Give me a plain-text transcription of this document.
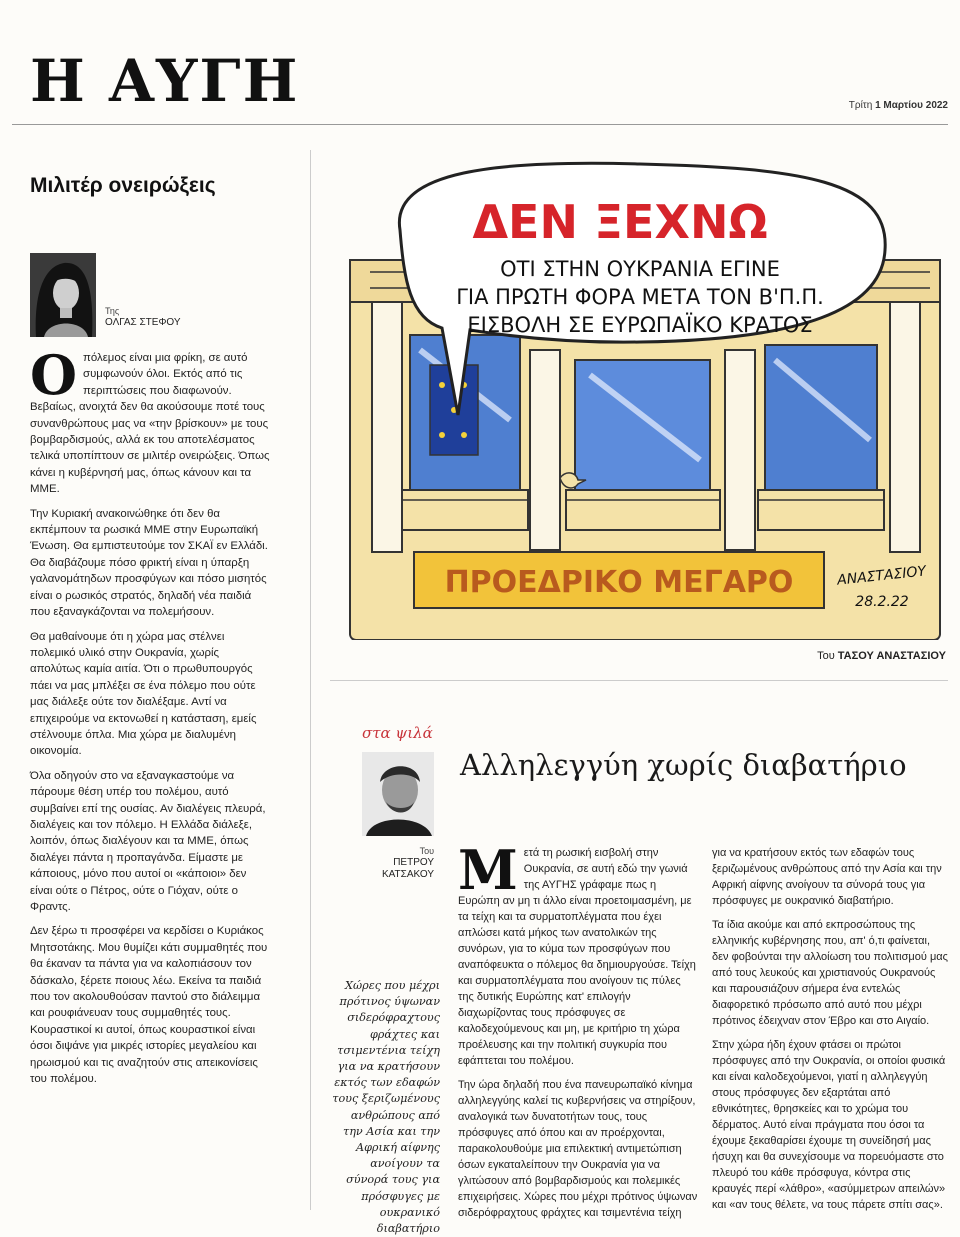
Η ΑΥΓΗ	Τρίτη 1 Μαρτίου 2022
Μιλιτέρ ονειρώξεις
Της
ΟΛΓΑΣ ΣΤΕΦΟΥ

Οπόλεμος είναι μια φρίκη, σε αυτό συμφωνούν όλοι. Εκτός από τις περιπτώσεις που διαφωνούν. Βεβαίως, ανοιχτά δεν θα ακούσουμε ποτέ τους συνανθρώπους μας να «την βρίσκουν» με τους βομβαρδισμούς, αλλά εκ του αποτελέσματος τελικά υποπίπτουν σε μιλιτέρ ονειρώξεις. Όπως κάνει η κυβέρνησή μας, όπως κάνουν και τα ΜΜΕ.

Την Κυριακή ανακοινώθηκε ότι δεν θα εκπέμπουν τα ρωσικά ΜΜΕ στην Ευρωπαϊκή Ένωση. Θα εμπιστευτούμε τον ΣΚΑΪ εν Ελλάδι. Θα διαβάζουμε πόσο φρικτή είναι η ύπαρξη γαλανομάτηδων προσφύγων και πόσο μισητός είναι ο ρωσικός στρατός, δηλαδή νέα παιδιά που εξαναγκάζονται να πολεμήσουν.

Θα μαθαίνουμε ότι η χώρα μας στέλνει πολεμικό υλικό στην Ουκρανία, χωρίς απολύτως καμία αιτία. Ότι ο πρωθυπουργός πάει να μας μπλέξει σε ένα πόλεμο που ούτε μας διάλεξε ούτε τον διαλέξαμε. Αντί να επιχειρούμε να εκτονωθεί η κατάσταση, εμείς στέλνουμε όπλα. Μια χώρα με διαλυμένη οικονομία.

Όλα οδηγούν στο να εξαναγκαστούμε να πάρουμε θέση υπέρ του πολέμου, αυτό συμβαίνει επί της ουσίας. Αν διαλέγεις πλευρά, διαλέγεις και τον πόλεμο. Η Ελλάδα διάλεξε, λοιπόν, όπως διαλέγουν και τα ΜΜΕ, όπως διαλέγει πάντα η προπαγάνδα. Είμαστε με κάποιους, μόνο που αυτοί οι «κάποιοι» δεν είναι ούτε ο Πέτρος, ούτε ο Γιόχαν, ούτε ο Φραντς.

Δεν ξέρω τι προσφέρει να κερδίσει ο Κυριάκος Μητσοτάκης. Μου θυμίζει κάτι συμμαθητές που θα έκαναν τα πάντα για να καλοπιάσουν τον δάσκαλο, ξέρετε ποιους λέω. Εκείνα τα παιδιά που τον ακολουθούσαν παντού στο διάλειμμα και ρουφιάνευαν τους συμμαθητές τους. Κουραστικοί κι αυτοί, όπως κουραστικοί είναι όσοι διψάνε για μικρές ιστορίες μεγαλείου και ηρωισμού και τις αναζητούν στις απεικονίσεις του πολέμου.

ΔΕΝ ΞΕΧΝΩ
ΟΤΙ ΣΤΗΝ ΟΥΚΡΑΝΙΑ ΕΓΙΝΕ
ΓΙΑ ΠΡΩΤΗ ΦΟΡΑ ΜΕΤΑ ΤΟΝ Β'Π.Π.
ΕΙΣΒΟΛΗ ΣΕ ΕΥΡΩΠΑΪΚΟ ΚΡΑΤΟΣ
ΠΡΟΕΔΡΙΚΟ ΜΕΓΑΡΟ	ΑΝΑΣΤΑΣΙΟΥ
28.2.22
Του ΤΑΣΟΥ ΑΝΑΣΤΑΣΙΟΥ
στα ψιλά
Του
ΠΕΤΡΟΥ ΚΑΤΣΑΚΟΥ
Αλληλεγγύη χωρίς διαβατήριο
Χώρες που μέχρι πρότινος ύψωναν σιδερόφραχτους φράχτες και τσιμεντένια τείχη για να κρατήσουν εκτός των εδαφών τους ξεριζωμένους ανθρώπους από την Ασία και την Αφρική αίφνης ανοίγουν τα σύνορά τους για πρόσφυγες με ουκρανικό διαβατήριο

Μετά τη ρωσική εισβολή στην Ουκρανία, σε αυτή εδώ την γωνιά της ΑΥΓΗΣ γράφαμε πως η Ευρώπη αν μη τι άλλο είναι προετοιμασμένη, με τα τείχη και τα συρματοπλέγματα που έχει απλώσει κατά μήκος των ανατολικών της συνόρων, για το κύμα των προσφύγων που αναπόφευκτα ο πόλεμος θα δημιουργούσε. Τείχη και συρματοπλέγματα που ανοίγουν τις πύλες της δυτικής Ευρώπης κατ' επιλογήν διαχωρίζοντας τους πρόσφυγες σε καλοδεχούμενους και μη, με κριτήριο τη χώρα προέλευσης και την πολιτική συγκυρία που εφάπτεται του πολέμου.

Την ώρα δηλαδή που ένα πανευρωπαϊκό κίνημα αλληλεγγύης καλεί τις κυβερνήσεις να στηρίξουν, αναλογικά των δυνατοτήτων τους, τους πρόσφυγες από όπου και αν προέρχονται, παρακολουθούμε μια επιλεκτική αντιμετώπιση όσων εγκαταλείπουν την Ουκρανία για να γλιτώσουν από βομβαρδισμούς και πολεμικές επιχειρήσεις. Χώρες που μέχρι πρότινος ύψωναν σιδερόφραχτους φράχτες και τσιμεντένια τείχη

για να κρατήσουν εκτός των εδαφών τους ξεριζωμένους ανθρώπους από την Ασία και την Αφρική αίφνης ανοίγουν τα σύνορά τους για πρόσφυγες με ουκρανικό διαβατήριο.

Τα ίδια ακούμε και από εκπροσώπους της ελληνικής κυβέρνησης που, απ' ό,τι φαίνεται, δεν φοβούνται την αλλοίωση του πολιτισμού μας από τους λευκούς και χριστιανούς Ουκρανούς και παρουσιάζουν σήμερα ένα εντελώς διαφορετικό πρόσωπο από αυτό που μέχρι πρότινος έδειχναν στον Έβρο και στο Αιγαίο.

Στην χώρα ήδη έχουν φτάσει οι πρώτοι πρόσφυγες από την Ουκρανία, οι οποίοι φυσικά και είναι καλοδεχούμενοι, γιατί η αλληλεγγύη στους πρόσφυγες δεν εξαρτάται από εθνικότητες, θρησκείες και το χρώμα του δέρματος. Αυτό είναι πράγματα που όσοι τα έχουμε ξεκαθαρίσει έχουμε τη συνείδησή μας ήσυχη και θα συνεχίσουμε να πορευόμαστε στο πλευρό του κάθε πρόσφυγα, κόντρα στις κραυγές περί «λάθρο», «ασύμμετρων απειλών» και «αν τους θέλετε, να τους πάρετε σπίτι σας».
